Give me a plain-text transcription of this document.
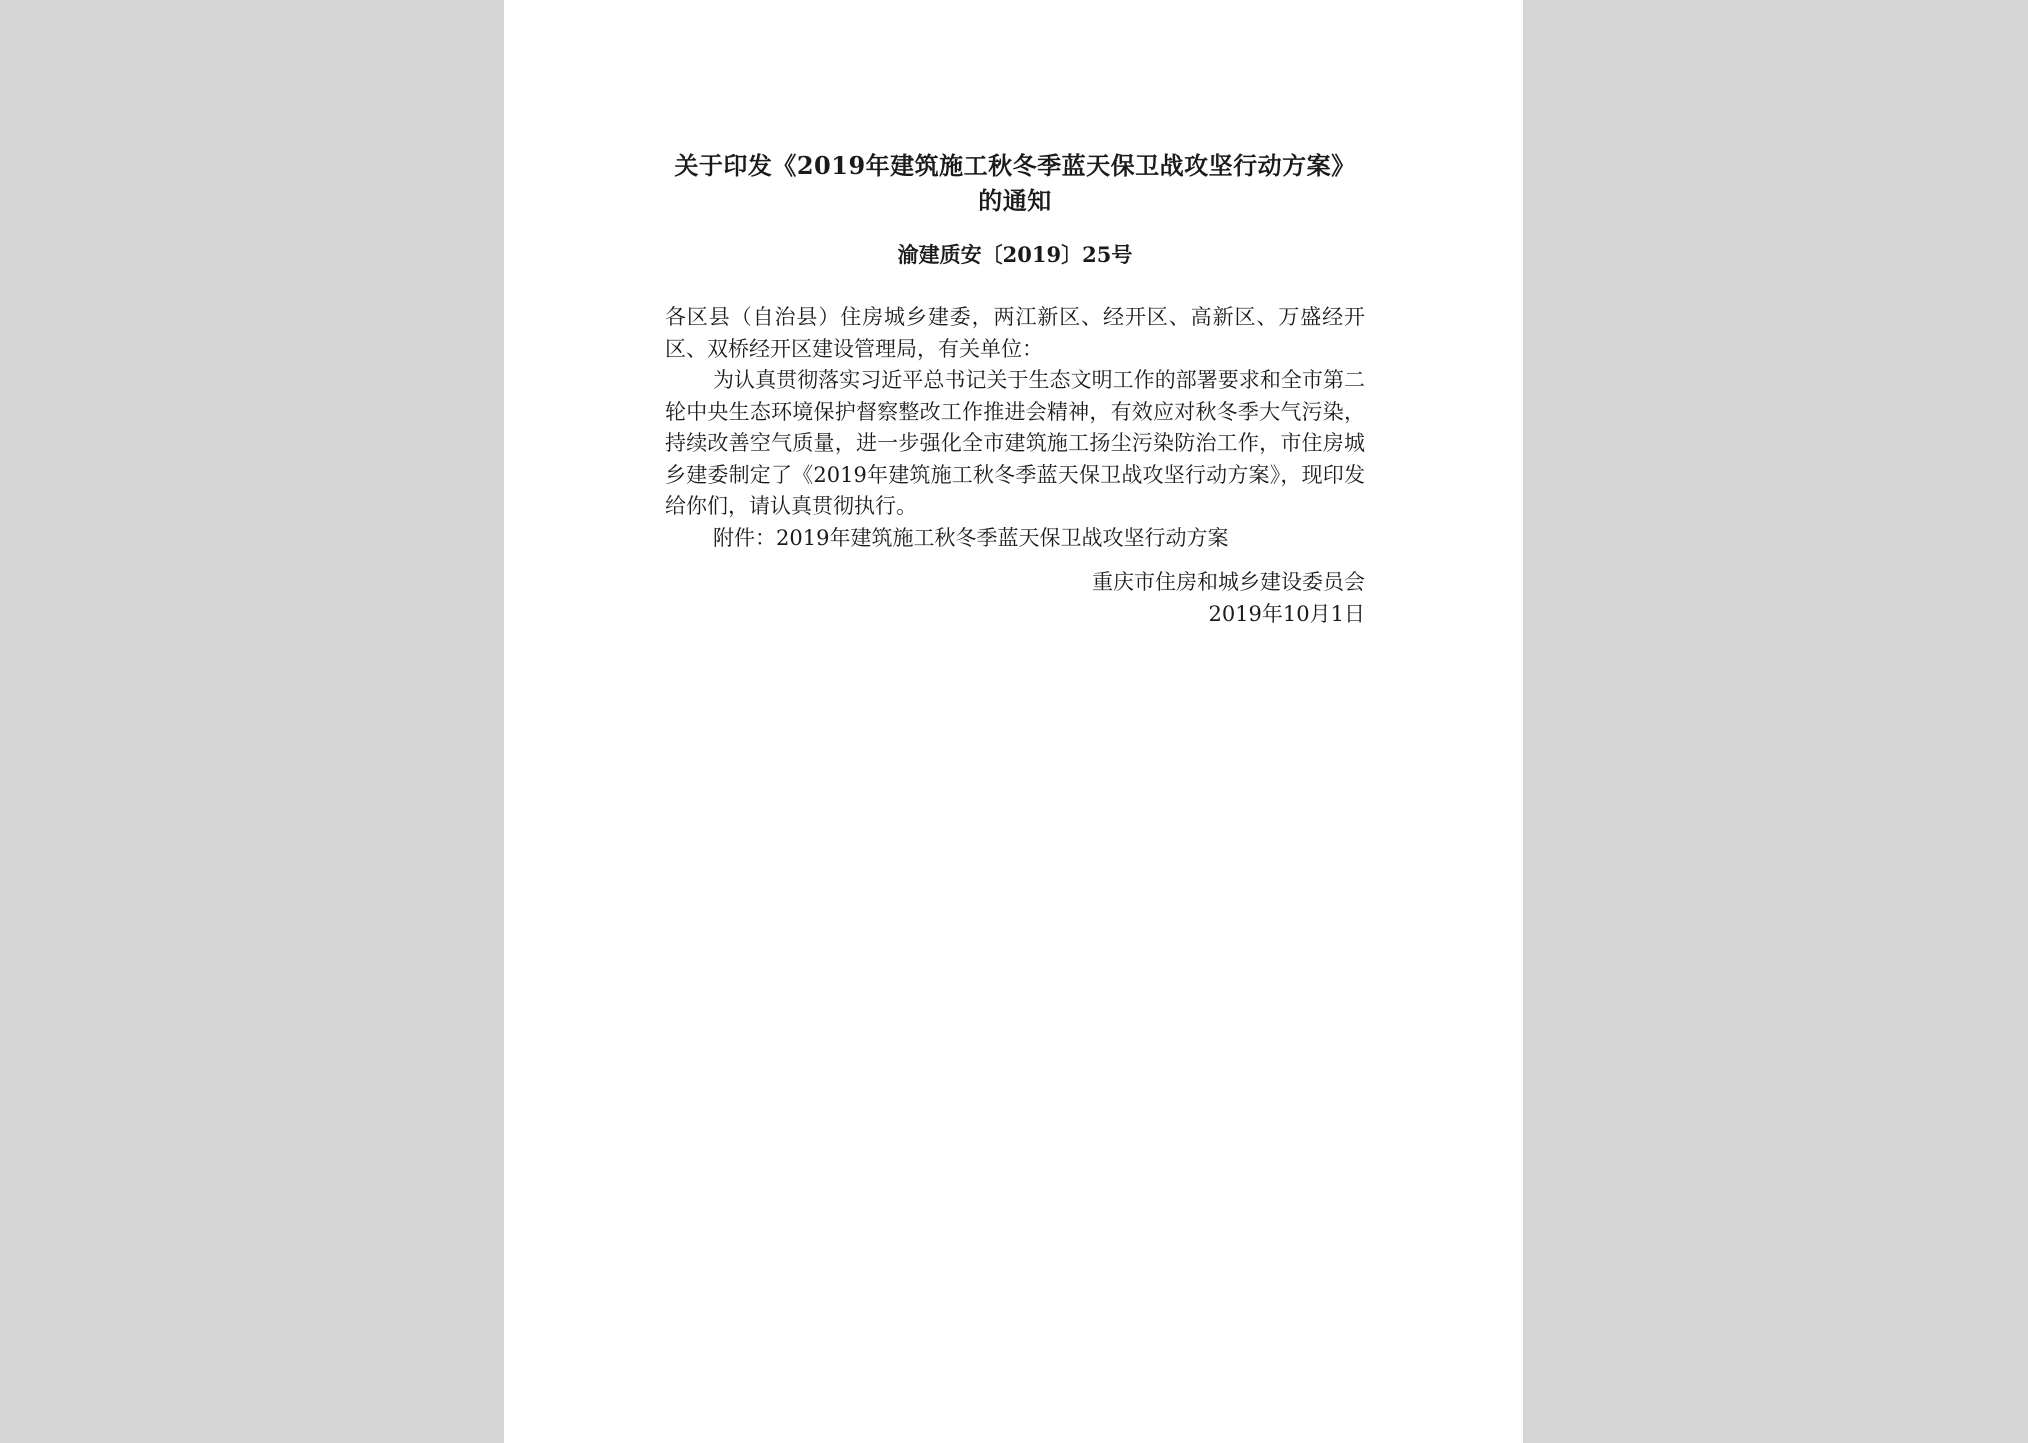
关于印发《2019年建筑施工秋冬季蓝天保卫战攻坚行动方案》的通知
渝建质安〔2019〕25号

各区县（自治县）住房城乡建委，两江新区、经开区、高新区、万盛经开区、双桥经开区建设管理局，有关单位：

为认真贯彻落实习近平总书记关于生态文明工作的部署要求和全市第二轮中央生态环境保护督察整改工作推进会精神，有效应对秋冬季大气污染，持续改善空气质量，进一步强化全市建筑施工扬尘污染防治工作，市住房城乡建委制定了《2019年建筑施工秋冬季蓝天保卫战攻坚行动方案》，现印发给你们，请认真贯彻执行。

附件：2019年建筑施工秋冬季蓝天保卫战攻坚行动方案

重庆市住房和城乡建设委员会
2019年10月1日
